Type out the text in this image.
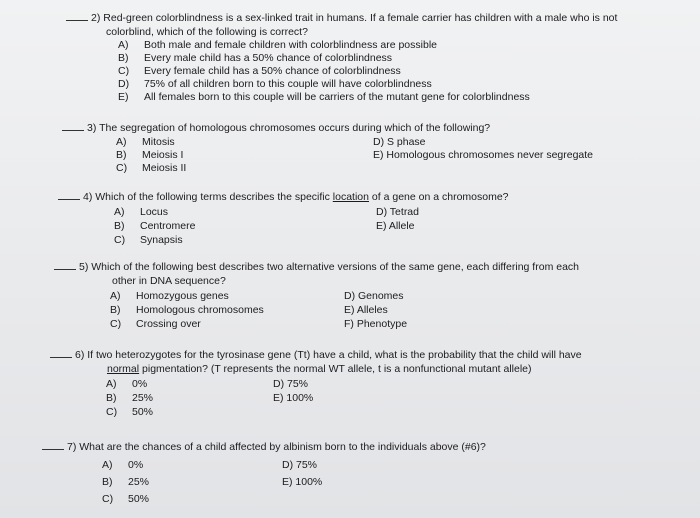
2) Red-green colorblindness is a sex-linked trait in humans. If a female carrier has children with a male who is not
colorblind, which of the following is correct?
A) Both male and female children with colorblindness are possible
B) Every male child has a 50% chance of colorblindness
C) Every female child has a 50% chance of colorblindness
D) 75% of all children born to this couple will have colorblindness
E) All females born to this couple will be carriers of the mutant gene for colorblindness
3) The segregation of homologous chromosomes occurs during which of the following?
A) Mitosis
B) Meiosis I
C) Meiosis II
D) S phase
E) Homologous chromosomes never segregate
4) Which of the following terms describes the specific location of a gene on a chromosome?
A) Locus
B) Centromere
C) Synapsis
D) Tetrad
E) Allele
5) Which of the following best describes two alternative versions of the same gene, each differing from each
other in DNA sequence?
A) Homozygous genes
B) Homologous chromosomes
C) Crossing over
D) Genomes
E) Alleles
F) Phenotype
6) If two heterozygotes for the tyrosinase gene (Tt) have a child, what is the probability that the child will have
normal pigmentation? (T represents the normal WT allele, t is a nonfunctional mutant allele)
A) 0%
B) 25%
C) 50%
D) 75%
E) 100%
7) What are the chances of a child affected by albinism born to the individuals above (#6)?
A) 0%
B) 25%
C) 50%
D) 75%
E) 100%
